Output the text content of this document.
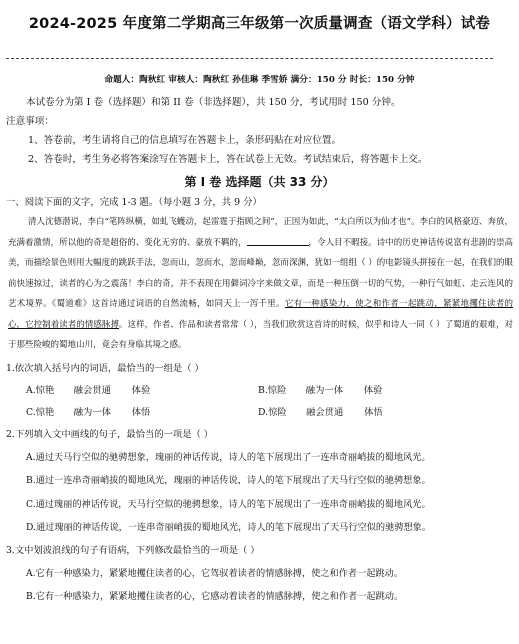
2024-2025 年度第二学期高三年级第一次质量调查（语文学科）试卷
命题人：陶秋红 审核人：陶秋红 孙佳琳 季雪娇 满分：150 分 时长：150 分钟
本试卷分为第 I 卷（选择题）和第 II 卷（非选择题），共 150 分，考试用时 150 分钟。
注意事项：
1、答卷前，考生请将自己的信息填写在答题卡上，条形码贴在对应位置。
2、答卷时，考生务必将答案涂写在答题卡上，答在试卷上无效。考试结束后，将答题卡上交。
第 I 卷 选择题（共 33 分）
一、阅读下面的文字，完成 1-3 题。（每小题 3 分，共 9 分）
清人沈德潜说，李白“笔阵纵横，如虬飞蠖动，起雷霆于指顾之间”，正因为如此，“太白所以为仙才也”。李白的风格豪迈、奔放，充满着激情，所以他的奇是超俗的、变化无穷的、豪放不羁的，	，令人目不暇接。诗中的历史神话传说富有悲剧的崇高美，而描绘景色则用大幅度的跳跃手法，忽而山，忽而水，忽而峰巅，忽而深渊，犹如一组组（ ）的电影镜头拼接在一起，在我们的眼前快速掠过，读者的心为之震荡！李白的奇，并不表现在用僻词冷字来做文章，而是一种压倒一切的气势，一种行气如虹、走云连风的艺术境界。《蜀道难》这首诗通过词语的自然流畅，如同天上一泻千里。它有一种感染力，使之和作者一起跳动，紧紧地攫住读者的心，它控制着读者的情感脉搏。这样，作者、作品和读者常常（ ），当我们欣赏这首诗的时候，似乎和诗人一同（ ）了蜀道的艰难，对于那些险峻的蜀地山川，竟会有身临其境之感。
1.依次填入括号内的词语，最恰当的一组是（ ）
A.惊艳 融会贯通 体验	B.惊险 融为一体 体验
C.惊艳 融为一体 体悟	D.惊险 融会贯通 体悟
2.下列填入文中画线的句子，最恰当的一项是（ ）
A.通过天马行空似的驰骋想象，瑰丽的神话传说，诗人的笔下展现出了一连串奇丽峭拔的蜀地风光。
B.通过一连串奇丽峭拔的蜀地风光，瑰丽的神话传说，诗人的笔下展现出了天马行空似的驰骋想象。
C.通过瑰丽的神话传说，天马行空似的驰骋想象，诗人的笔下展现出了一连串奇丽峭拔的蜀地风光。
D.通过瑰丽的神话传说，一连串奇丽峭拔的蜀地风光，诗人的笔下展现出了天马行空似的驰骋想象。
3.文中划波浪线的句子有语病，下列修改最恰当的一项是（ ）
A.它有一种感染力，紧紧地攫住读者的心，它驾驭着读者的情感脉搏，使之和作者一起跳动。
B.它有一种感染力，紧紧地攫住读者的心，它感动着读者的情感脉搏，使之和作者一起跳动。
